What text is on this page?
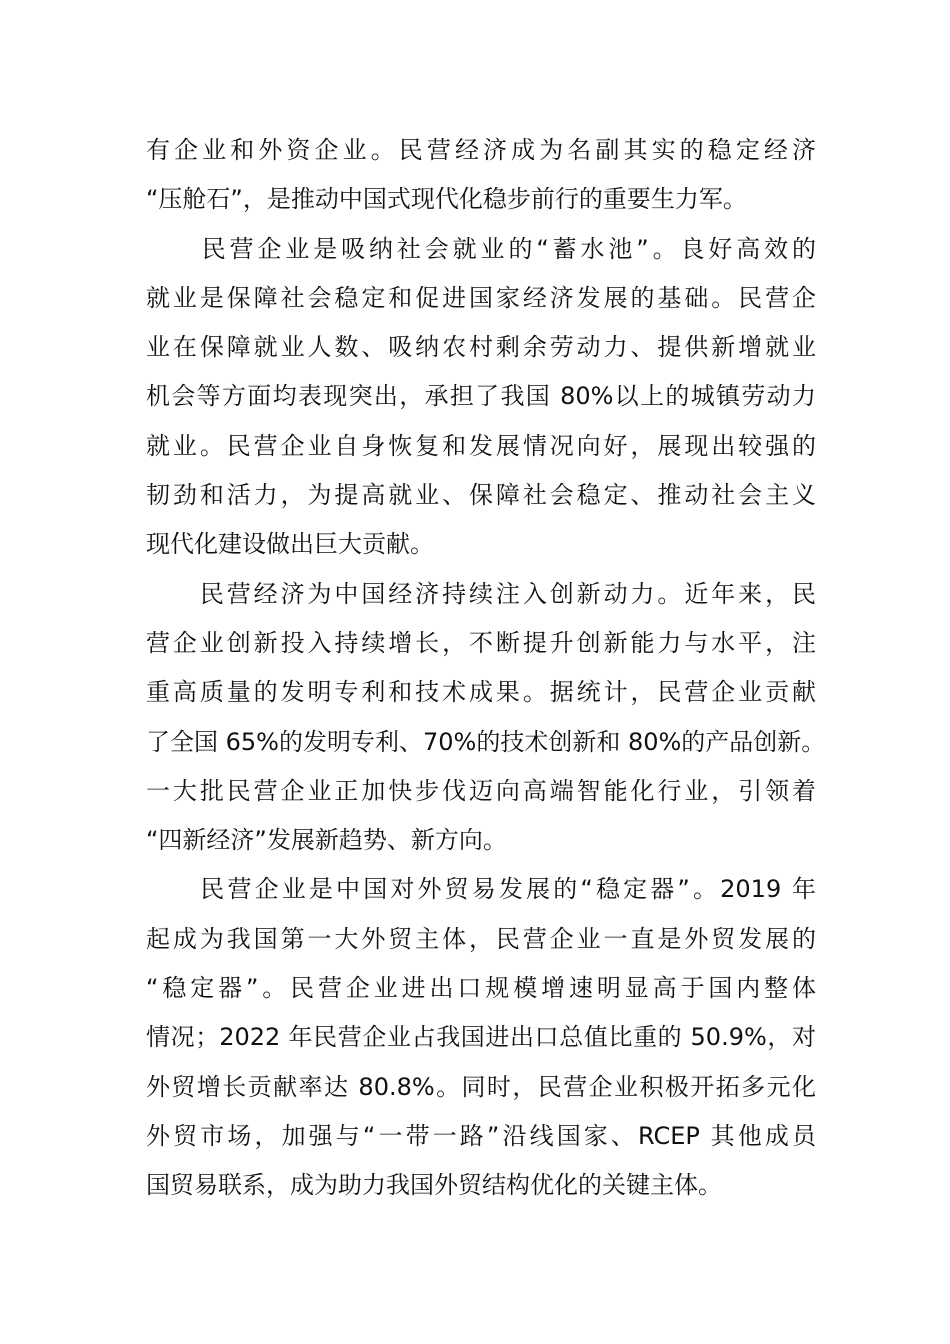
有企业和外资企业。民营经济成为名副其实的稳定经济
“压舱石”，是推动中国式现代化稳步前行的重要生力军。
　　民营企业是吸纳社会就业的“蓄水池”。良好高效的
就业是保障社会稳定和促进国家经济发展的基础。民营企
业在保障就业人数、吸纳农村剩余劳动力、提供新增就业
机会等方面均表现突出，承担了我国 80%以上的城镇劳动力
就业。民营企业自身恢复和发展情况向好，展现出较强的
韧劲和活力，为提高就业、保障社会稳定、推动社会主义
现代化建设做出巨大贡献。
　　民营经济为中国经济持续注入创新动力。近年来，民
营企业创新投入持续增长，不断提升创新能力与水平，注
重高质量的发明专利和技术成果。据统计，民营企业贡献
了全国 65%的发明专利、70%的技术创新和 80%的产品创新。
一大批民营企业正加快步伐迈向高端智能化行业，引领着
“四新经济”发展新趋势、新方向。
　　民营企业是中国对外贸易发展的“稳定器”。2019 年
起成为我国第一大外贸主体，民营企业一直是外贸发展的
“稳定器”。民营企业进出口规模增速明显高于国内整体
情况；2022 年民营企业占我国进出口总值比重的 50.9%，对
外贸增长贡献率达 80.8%。同时，民营企业积极开拓多元化
外贸市场，加强与“一带一路”沿线国家、RCEP 其他成员
国贸易联系，成为助力我国外贸结构优化的关键主体。
